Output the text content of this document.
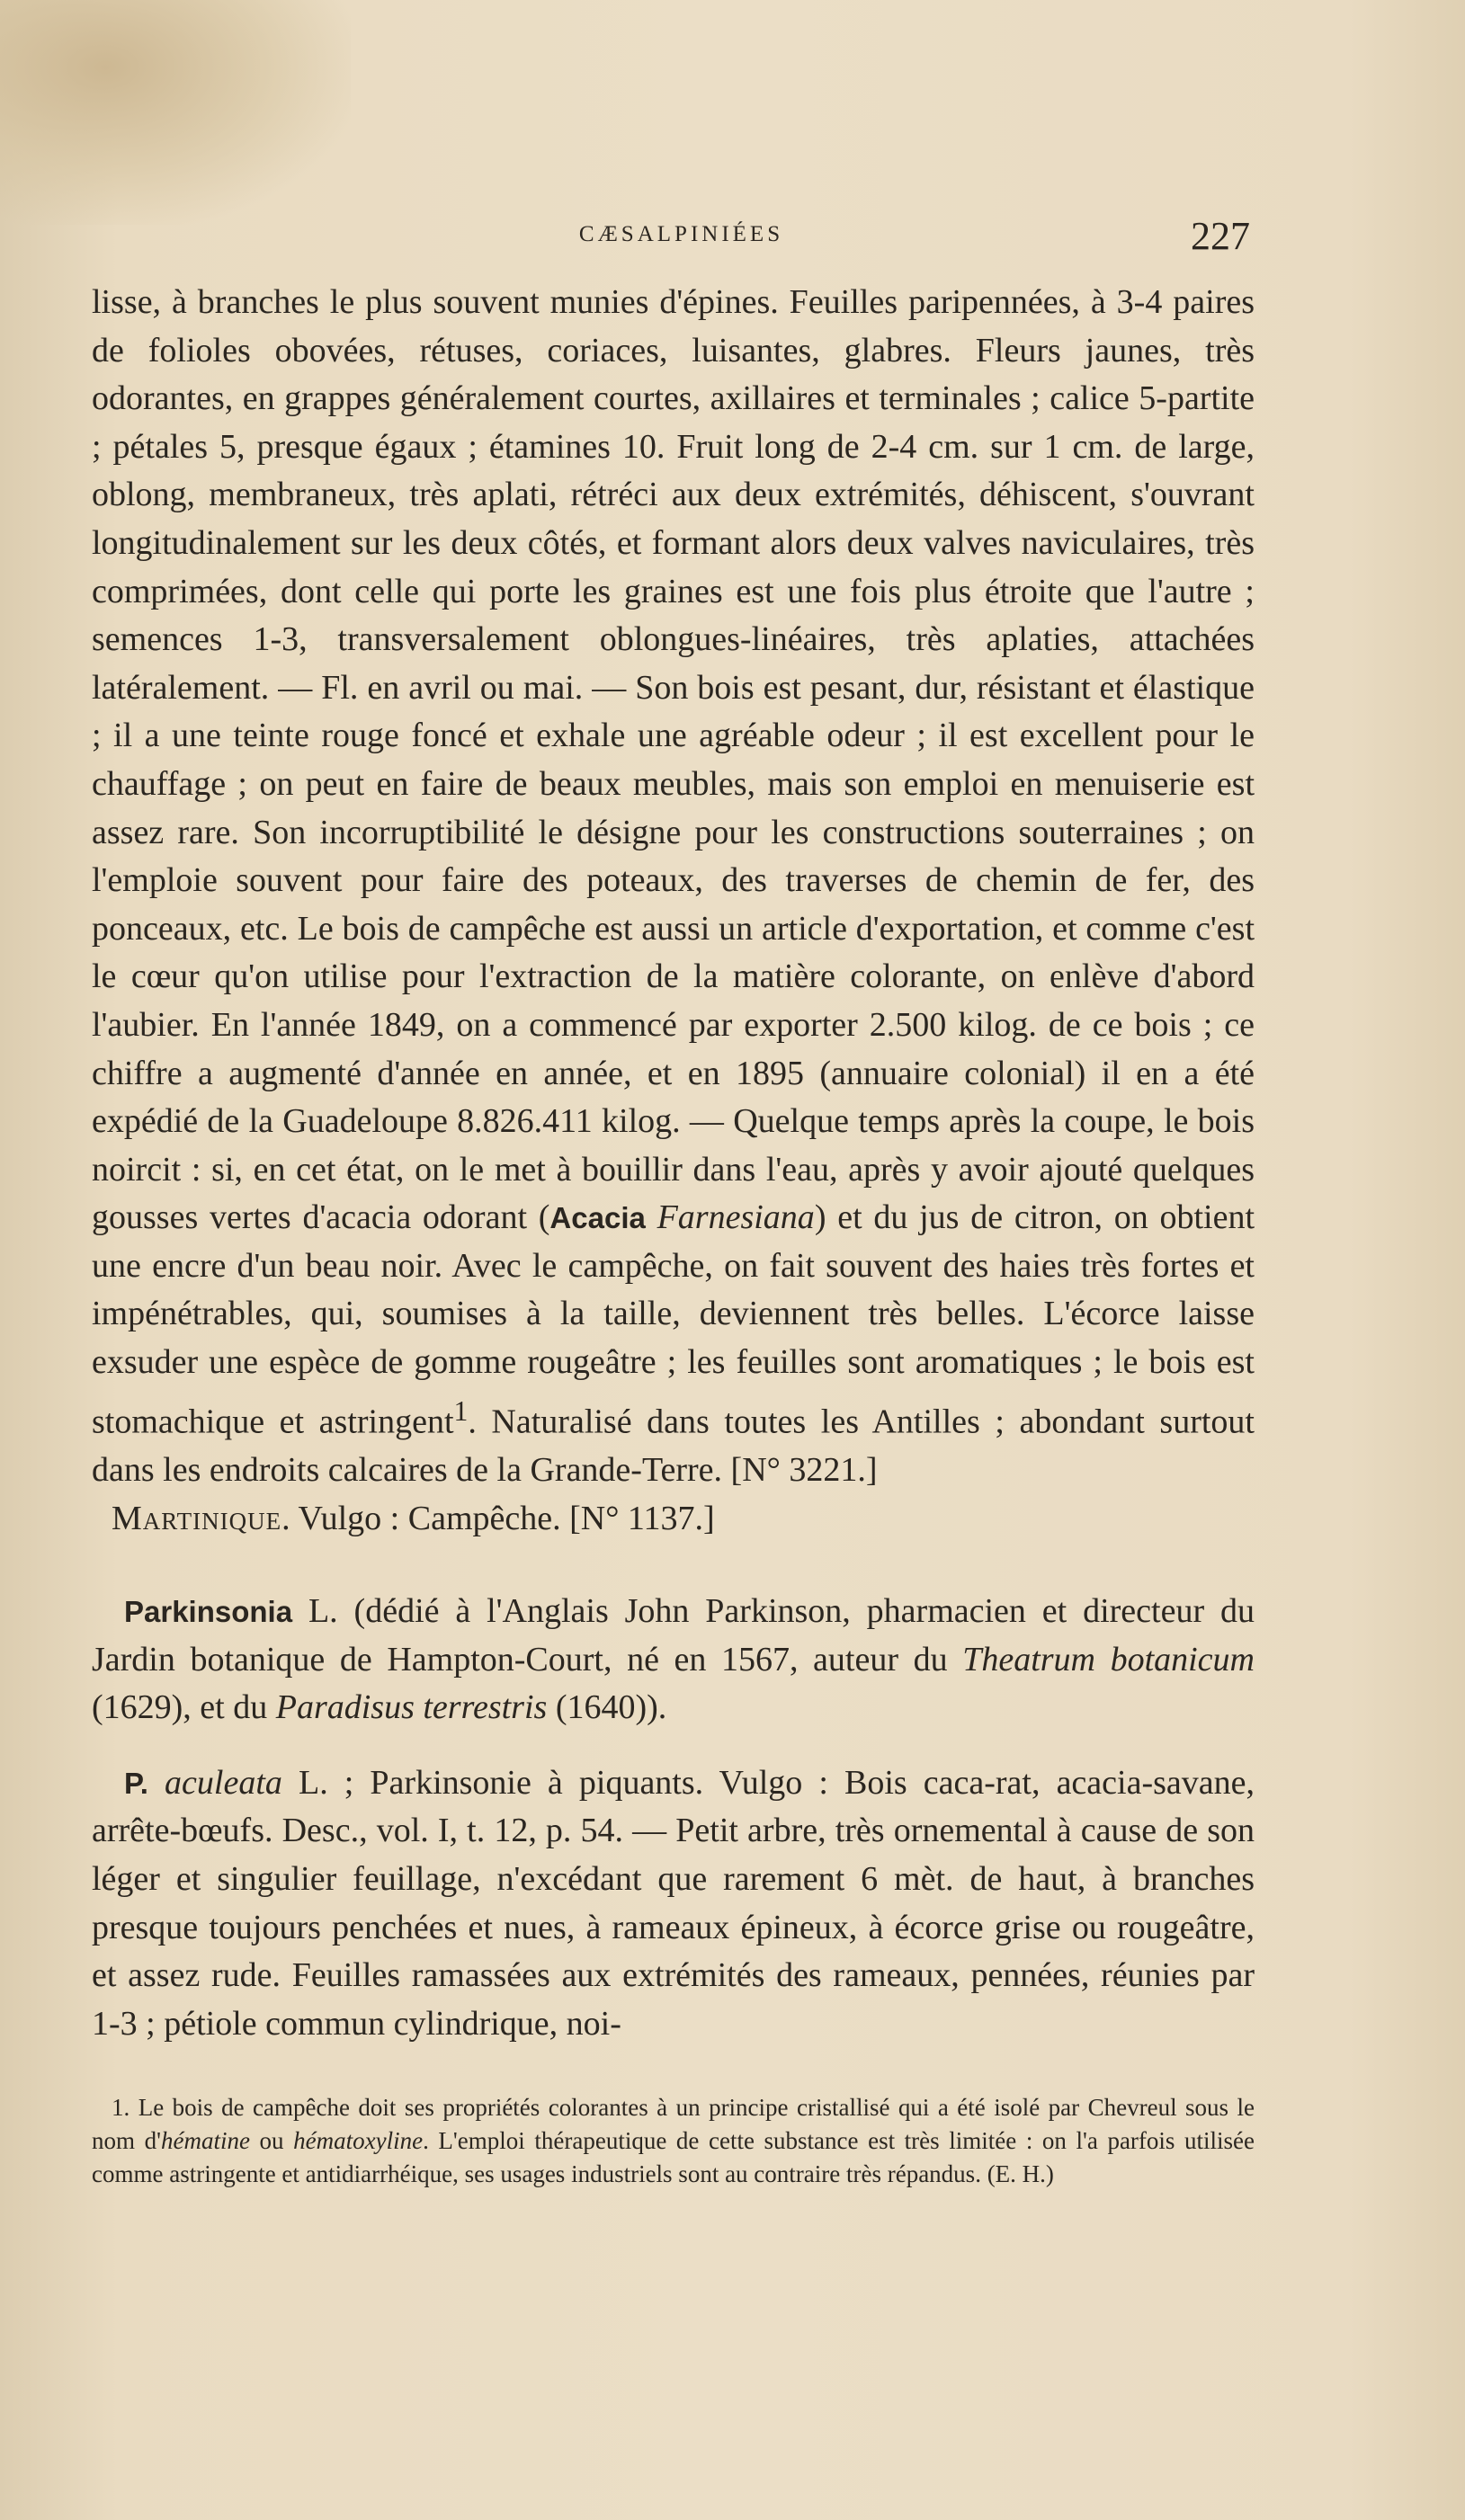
CÆSALPINIÉES	227

lisse, à branches le plus souvent munies d'épines. Feuilles paripennées, à 3-4 paires de folioles obovées, rétuses, coriaces, luisantes, glabres. Fleurs jaunes, très odorantes, en grappes généralement courtes, axillaires et terminales ; calice 5-partite ; pétales 5, presque égaux ; étamines 10. Fruit long de 2-4 cm. sur 1 cm. de large, oblong, membraneux, très aplati, rétréci aux deux extrémités, déhiscent, s'ouvrant longitudinalement sur les deux côtés, et formant alors deux valves naviculaires, très comprimées, dont celle qui porte les graines est une fois plus étroite que l'autre ; semences 1-3, transversalement oblongues-linéaires, très aplaties, attachées latéralement. — Fl. en avril ou mai. — Son bois est pesant, dur, résistant et élastique ; il a une teinte rouge foncé et exhale une agréable odeur ; il est excellent pour le chauffage ; on peut en faire de beaux meubles, mais son emploi en menuiserie est assez rare. Son incorruptibilité le désigne pour les constructions souterraines ; on l'emploie souvent pour faire des poteaux, des traverses de chemin de fer, des ponceaux, etc. Le bois de campêche est aussi un article d'exportation, et comme c'est le cœur qu'on utilise pour l'extraction de la matière colorante, on enlève d'abord l'aubier. En l'année 1849, on a commencé par exporter 2.500 kilog. de ce bois ; ce chiffre a augmenté d'année en année, et en 1895 (annuaire colonial) il en a été expédié de la Guadeloupe 8.826.411 kilog. — Quelque temps après la coupe, le bois noircit : si, en cet état, on le met à bouillir dans l'eau, après y avoir ajouté quelques gousses vertes d'acacia odorant (Acacia Farnesiana) et du jus de citron, on obtient une encre d'un beau noir. Avec le campêche, on fait souvent des haies très fortes et impénétrables, qui, soumises à la taille, deviennent très belles. L'écorce laisse exsuder une espèce de gomme rougeâtre ; les feuilles sont aromatiques ; le bois est stomachique et astringent$^1$. Naturalisé dans toutes les Antilles ; abondant surtout dans les endroits calcaires de la Grande-Terre. [N° 3221.]

Martinique. Vulgo : Campêche. [N° 1137.]

Parkinsonia L. (dédié à l'Anglais John Parkinson, pharmacien et directeur du Jardin botanique de Hampton-Court, né en 1567, auteur du Theatrum botanicum (1629), et du Paradisus terrestris (1640)).

P. aculeata L. ; Parkinsonie à piquants. Vulgo : Bois caca-rat, acacia-savane, arrête-bœufs. Desc., vol. I, t. 12, p. 54. — Petit arbre, très ornemental à cause de son léger et singulier feuillage, n'excédant que rarement 6 mèt. de haut, à branches presque toujours penchées et nues, à rameaux épineux, à écorce grise ou rougeâtre, et assez rude. Feuilles ramassées aux extrémités des rameaux, pennées, réunies par 1-3 ; pétiole commun cylindrique, noi-

1. Le bois de campêche doit ses propriétés colorantes à un principe cristallisé qui a été isolé par Chevreul sous le nom d'hématine ou hématoxyline. L'emploi thérapeutique de cette substance est très limitée : on l'a parfois utilisée comme astringente et antidiarrhéique, ses usages industriels sont au contraire très répandus. (E. H.)
